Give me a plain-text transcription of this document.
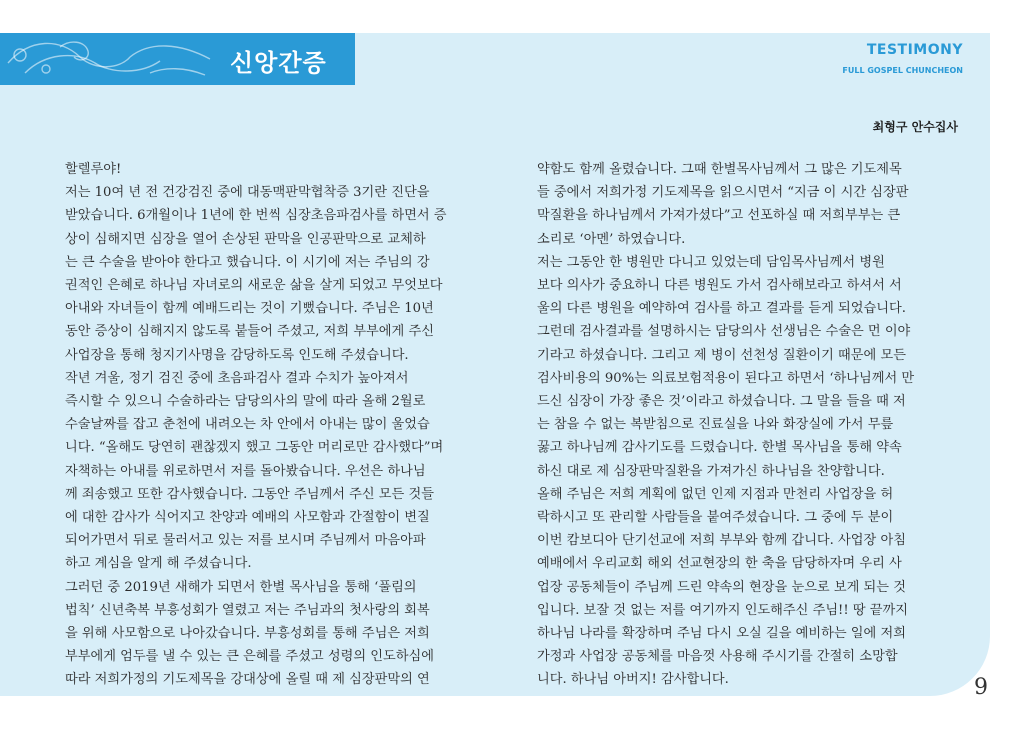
신앙간증	TESTIMONY
FULL GOSPEL CHUNCHEON
최형구 안수집사
할렐루야!
저는 10여 년 전 건강검진 중에 대동맥판막협착증 3기란 진단을
받았습니다. 6개월이나 1년에 한 번씩 심장초음파검사를 하면서 증
상이 심해지면 심장을 열어 손상된 판막을 인공판막으로 교체하
는 큰 수술을 받아야 한다고 했습니다. 이 시기에 저는 주님의 강
권적인 은혜로 하나님 자녀로의 새로운 삶을 살게 되었고 무엇보다
아내와 자녀들이 함께 예배드리는 것이 기뻤습니다. 주님은 10년
동안 증상이 심해지지 않도록 붙들어 주셨고, 저희 부부에게 주신
사업장을 통해 청지기사명을 감당하도록 인도해 주셨습니다.
작년 겨울, 정기 검진 중에 초음파검사 결과 수치가 높아져서
즉시할 수 있으니 수술하라는 담당의사의 말에 따라 올해 2월로
수술날짜를 잡고 춘천에 내려오는 차 안에서 아내는 많이 울었습
니다. “올해도 당연히 괜찮겠지 했고 그동안 머리로만 감사했다”며
자책하는 아내를 위로하면서 저를 돌아봤습니다. 우선은 하나님
께 죄송했고 또한 감사했습니다. 그동안 주님께서 주신 모든 것들
에 대한 감사가 식어지고 찬양과 예배의 사모함과 간절함이 변질
되어가면서 뒤로 물러서고 있는 저를 보시며 주님께서 마음아파
하고 계심을 알게 해 주셨습니다.
그러던 중 2019년 새해가 되면서 한별 목사님을 통해 ‘풀림의
법칙’ 신년축복 부흥성회가 열렸고 저는 주님과의 첫사랑의 회복
을 위해 사모함으로 나아갔습니다. 부흥성회를 통해 주님은 저희
부부에게 엄두를 낼 수 있는 큰 은혜를 주셨고 성령의 인도하심에
따라 저희가정의 기도제목을 강대상에 올릴 때 제 심장판막의 연
약함도 함께 올렸습니다. 그때 한별목사님께서 그 많은 기도제목
들 중에서 저희가정 기도제목을 읽으시면서 “지금 이 시간 심장판
막질환을 하나님께서 가져가셨다”고 선포하실 때 저희부부는 큰
소리로 ‘아멘’ 하였습니다.
저는 그동안 한 병원만 다니고 있었는데 담임목사님께서 병원
보다 의사가 중요하니 다른 병원도 가서 검사해보라고 하셔서 서
울의 다른 병원을 예약하여 검사를 하고 결과를 듣게 되었습니다.
그런데 검사결과를 설명하시는 담당의사 선생님은 수술은 먼 이야
기라고 하셨습니다. 그리고 제 병이 선천성 질환이기 때문에 모든
검사비용의 90%는 의료보험적용이 된다고 하면서 ‘하나님께서 만
드신 심장이 가장 좋은 것’이라고 하셨습니다. 그 말을 들을 때 저
는 참을 수 없는 복받침으로 진료실을 나와 화장실에 가서 무릎
꿇고 하나님께 감사기도를 드렸습니다. 한별 목사님을 통해 약속
하신 대로 제 심장판막질환을 가져가신 하나님을 찬양합니다.
올해 주님은 저희 계획에 없던 인제 지점과 만천리 사업장을 허
락하시고 또 관리할 사람들을 붙여주셨습니다. 그 중에 두 분이
이번 캄보디아 단기선교에 저희 부부와 함께 갑니다. 사업장 아침
예배에서 우리교회 해외 선교현장의 한 축을 담당하자며 우리 사
업장 공동체들이 주님께 드린 약속의 현장을 눈으로 보게 되는 것
입니다. 보잘 것 없는 저를 여기까지 인도해주신 주님!! 땅 끝까지
하나님 나라를 확장하며 주님 다시 오실 길을 예비하는 일에 저희
가정과 사업장 공동체를 마음껏 사용해 주시기를 간절히 소망합
니다. 하나님 아버지! 감사합니다.	9
